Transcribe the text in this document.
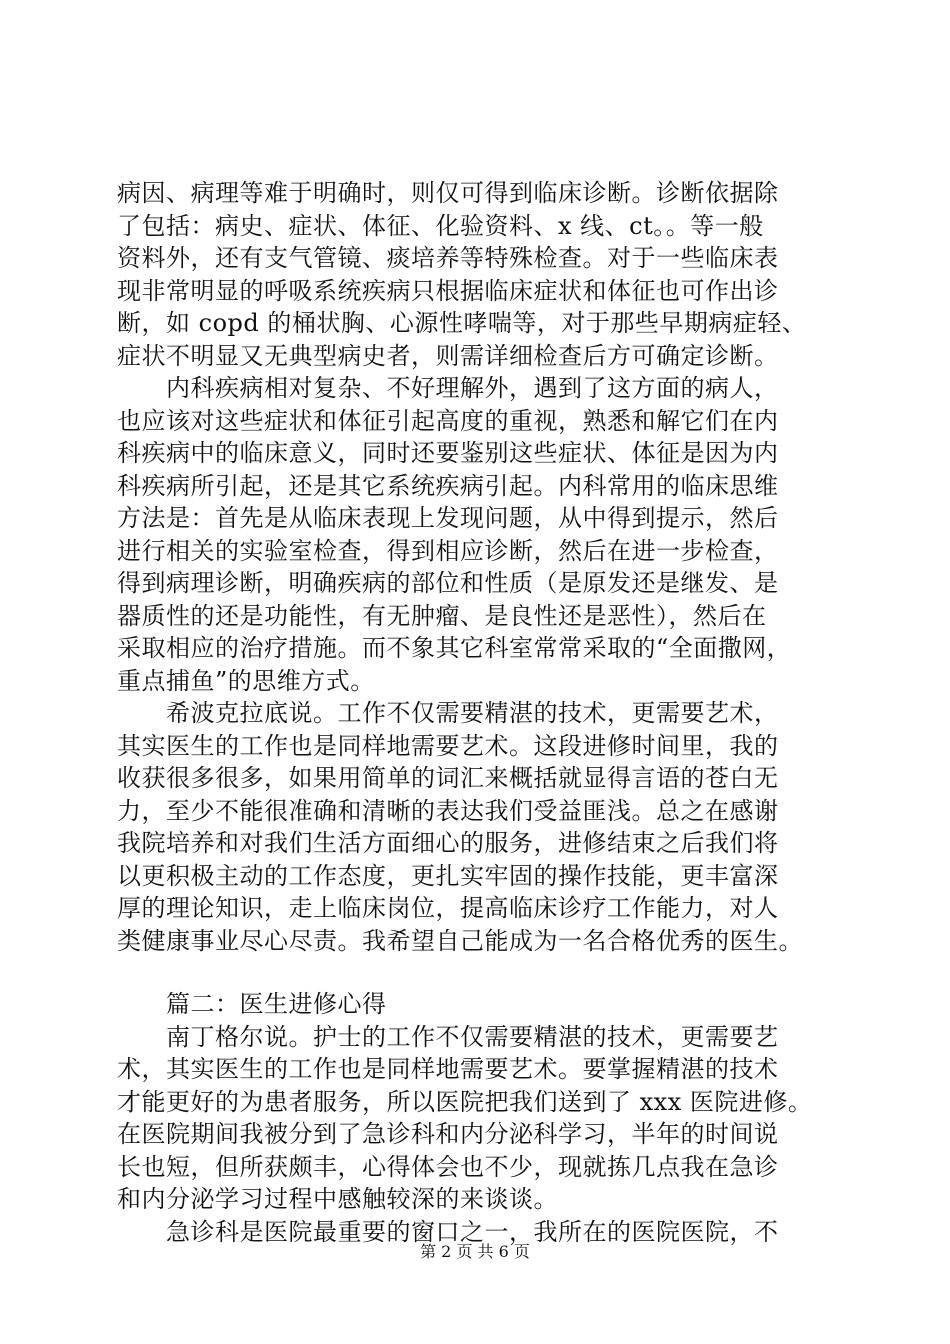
病因、病理等难于明确时，则仅可得到临床诊断。诊断依据除
了包括：病史、症状、体征、化验资料、x 线、ct。。等一般
资料外，还有支气管镜、痰培养等特殊检查。对于一些临床表
现非常明显的呼吸系统疾病只根据临床症状和体征也可作出诊
断，如 copd 的桶状胸、心源性哮喘等，对于那些早期病症轻、
症状不明显又无典型病史者，则需详细检查后方可确定诊断。
　　内科疾病相对复杂、不好理解外，遇到了这方面的病人，
也应该对这些症状和体征引起高度的重视，熟悉和解它们在内
科疾病中的临床意义，同时还要鉴别这些症状、体征是因为内
科疾病所引起，还是其它系统疾病引起。内科常用的临床思维
方法是：首先是从临床表现上发现问题，从中得到提示，然后
进行相关的实验室检查，得到相应诊断，然后在进一步检查，
得到病理诊断，明确疾病的部位和性质（是原发还是继发、是
器质性的还是功能性，有无肿瘤、是良性还是恶性），然后在
采取相应的治疗措施。而不象其它科室常常采取的“全面撒网，
重点捕鱼”的思维方式。
　　希波克拉底说。工作不仅需要精湛的技术，更需要艺术，
其实医生的工作也是同样地需要艺术。这段进修时间里，我的
收获很多很多，如果用简单的词汇来概括就显得言语的苍白无
力，至少不能很准确和清晰的表达我们受益匪浅。总之在感谢
我院培养和对我们生活方面细心的服务，进修结束之后我们将
以更积极主动的工作态度，更扎实牢固的操作技能，更丰富深
厚的理论知识，走上临床岗位，提高临床诊疗工作能力，对人
类健康事业尽心尽责。我希望自己能成为一名合格优秀的医生。
　　篇二：医生进修心得
　　南丁格尔说。护士的工作不仅需要精湛的技术，更需要艺
术，其实医生的工作也是同样地需要艺术。要掌握精湛的技术
才能更好的为患者服务，所以医院把我们送到了 xxx 医院进修。
在医院期间我被分到了急诊科和内分泌科学习，半年的时间说
长也短，但所获颇丰，心得体会也不少，现就拣几点我在急诊
和内分泌学习过程中感触较深的来谈谈。
　　急诊科是医院最重要的窗口之一，我所在的医院医院，不
第 2 页 共 6 页
